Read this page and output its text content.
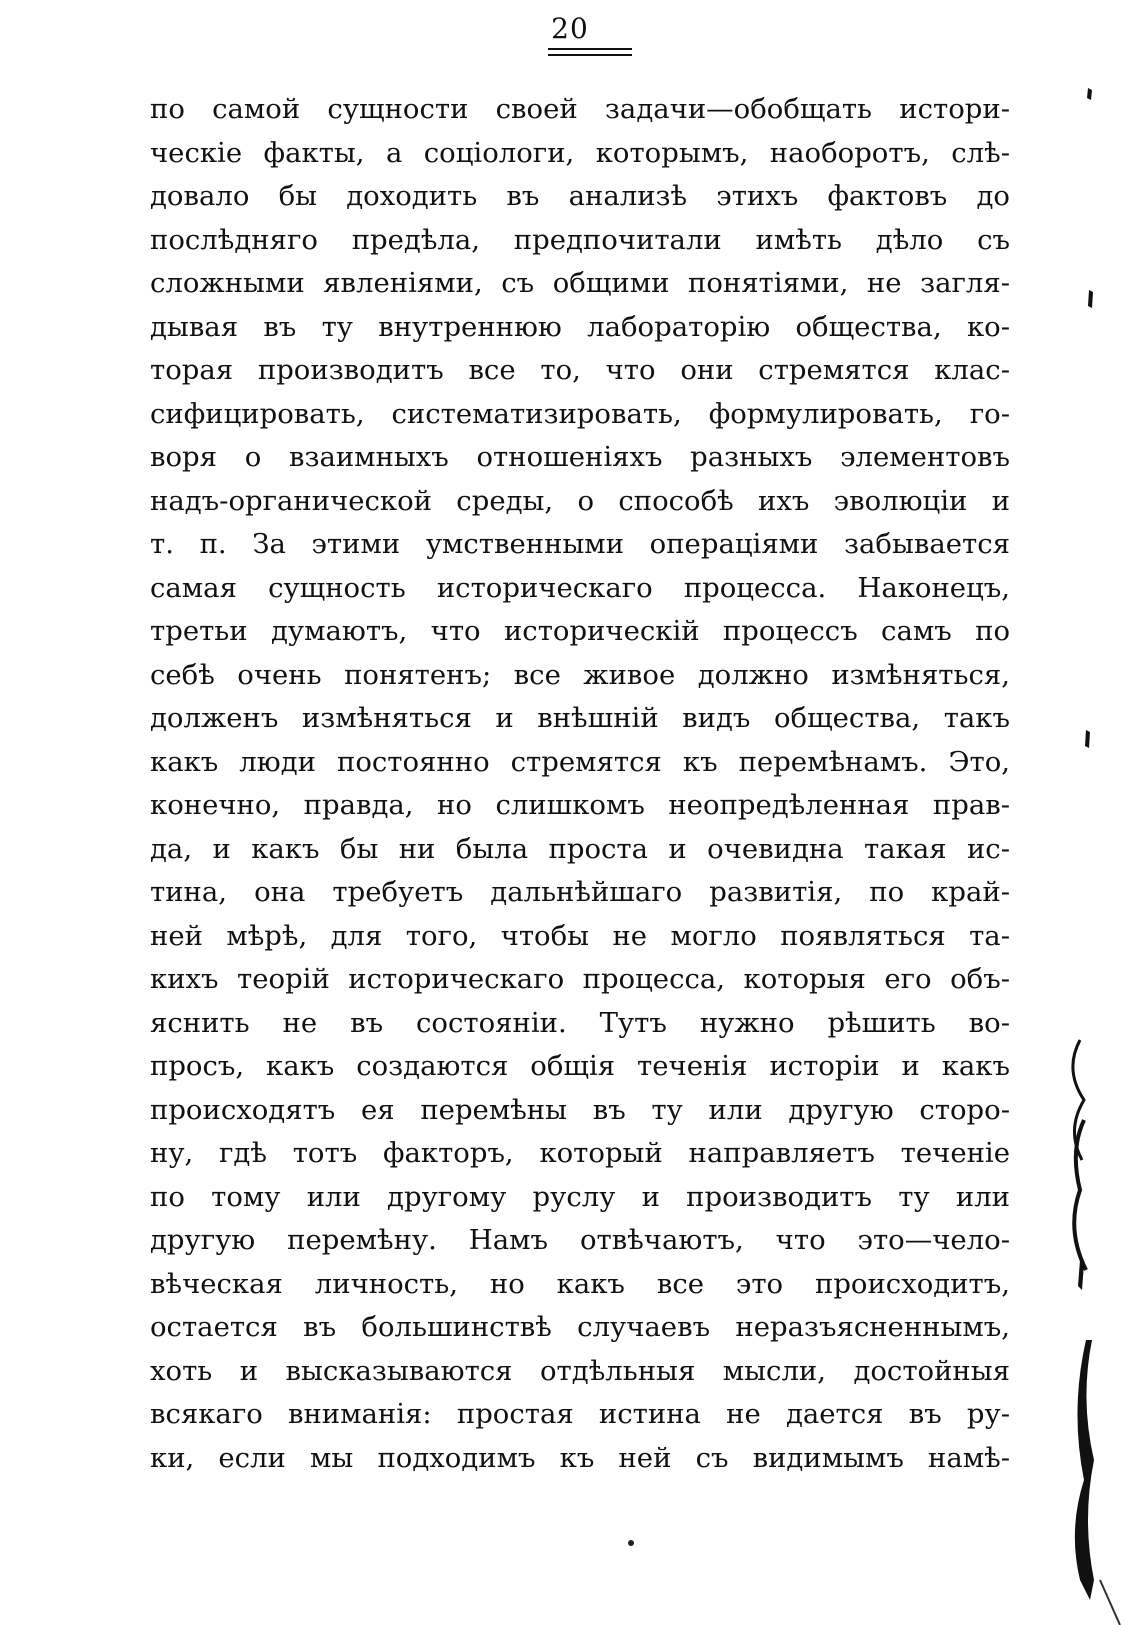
20
по самой сущности своей задачи—обобщать истори-
ческіе факты, а соціологи, которымъ, наоборотъ, слѣ-
довало бы доходить въ анализѣ этихъ фактовъ до
послѣдняго предѣла, предпочитали имѣть дѣло съ
сложными явленіями, съ общими понятіями, не загля-
дывая въ ту внутреннюю лабораторію общества, ко-
торая производитъ все то, что они стремятся клас-
сифицировать, систематизировать, формулировать, го-
воря о взаимныхъ отношеніяхъ разныхъ элементовъ
надъ-органической среды, о способѣ ихъ эволюціи и
т. п. За этими умственными операціями забывается
самая сущность историческаго процесса. Наконецъ,
третьи думаютъ, что историческій процессъ самъ по
себѣ очень понятенъ; все живое должно измѣняться,
долженъ измѣняться и внѣшній видъ общества, такъ
какъ люди постоянно стремятся къ перемѣнамъ. Это,
конечно, правда, но слишкомъ неопредѣленная прав-
да, и какъ бы ни была проста и очевидна такая ис-
тина, она требуетъ дальнѣйшаго развитія, по край-
ней мѣрѣ, для того, чтобы не могло появляться та-
кихъ теорій историческаго процесса, которыя его объ-
яснить не въ состояніи. Тутъ нужно рѣшить во-
просъ, какъ создаются общія теченія исторіи и какъ
происходятъ ея перемѣны въ ту или другую сторо-
ну, гдѣ тотъ факторъ, который направляетъ теченіе
по тому или другому руслу и производитъ ту или
другую перемѣну. Намъ отвѣчаютъ, что это—чело-
вѣческая личность, но какъ все это происходитъ,
остается въ большинствѣ случаевъ неразъясненнымъ,
хоть и высказываются отдѣльныя мысли, достойныя
всякаго вниманія: простая истина не дается въ ру-
ки, если мы подходимъ къ ней съ видимымъ намѣ-
